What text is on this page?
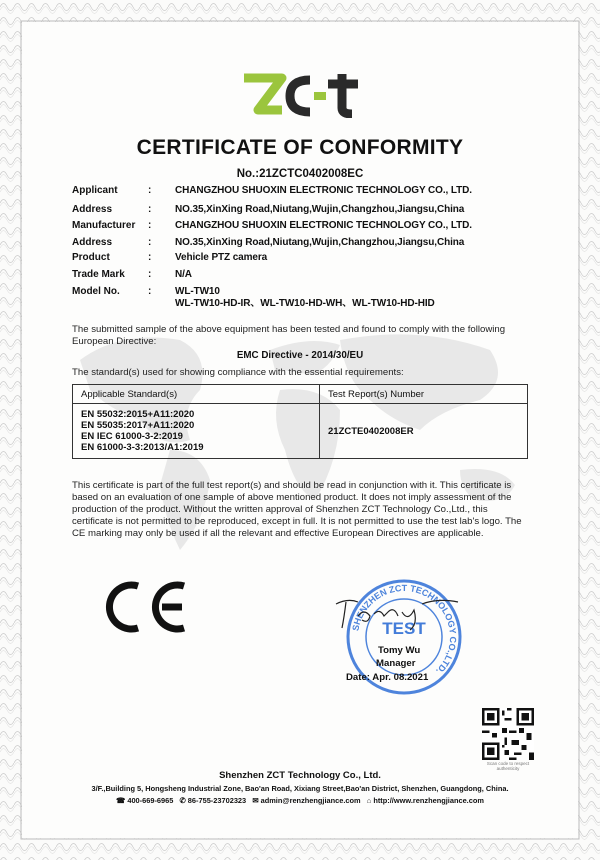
CERTIFICATE OF CONFORMITY
No.:21ZCTC0402008EC
Applicant	: CHANGZHOU SHUOXIN ELECTRONIC TECHNOLOGY CO., LTD.
Address	: NO.35,XinXing Road,Niutang,Wujin,Changzhou,Jiangsu,China
Manufacturer	: CHANGZHOU SHUOXIN ELECTRONIC TECHNOLOGY CO., LTD.
Address	: NO.35,XinXing Road,Niutang,Wujin,Changzhou,Jiangsu,China
Product	: Vehicle PTZ camera
Trade Mark	: N/A
Model No.	: WL-TW10
WL-TW10-HD-IR、WL-TW10-HD-WH、WL-TW10-HD-HID
The submitted sample of the above equipment has been tested and found to comply with the following European Directive:
EMC Directive - 2014/30/EU
The standard(s) used for showing compliance with the essential requirements:
Applicable Standard(s)	Test Report(s) Number

EN 55032:2015+A11:2020
EN 55035:2017+A11:2020
EN IEC 61000-3-2:2019
EN 61000-3-3:2013/A1:2019	21ZCTE0402008ER
This certificate is part of the full test report(s) and should be read in conjunction with it. This certificate is based on an evaluation of one sample of above mentioned product. It does not imply assessment of the production of the product. Without the written approval of Shenzhen ZCT Technology Co.,Ltd., this certificate is not permitted to be reproduced, except in full. It is not permitted to use the test lab's logo. The CE marking may only be used if all the relevant and effective European Directives are applicable.
SHENZHEN ZCT TECHNOLOGY CO.,LTD.
TEST
Tomy Wu
Manager
Date: Apr. 08.2021
Scan code to respect authenticity
Shenzhen ZCT Technology Co., Ltd.
3/F.,Building 5, Hongsheng Industrial Zone, Bao'an Road, Xixiang Street,Bao'an District, Shenzhen, Guangdong, China.
☎ 400-669-6965 ✆ 86-755-23702323 ✉ admin@renzhengjiance.com ⌂ http://www.renzhengjiance.com
